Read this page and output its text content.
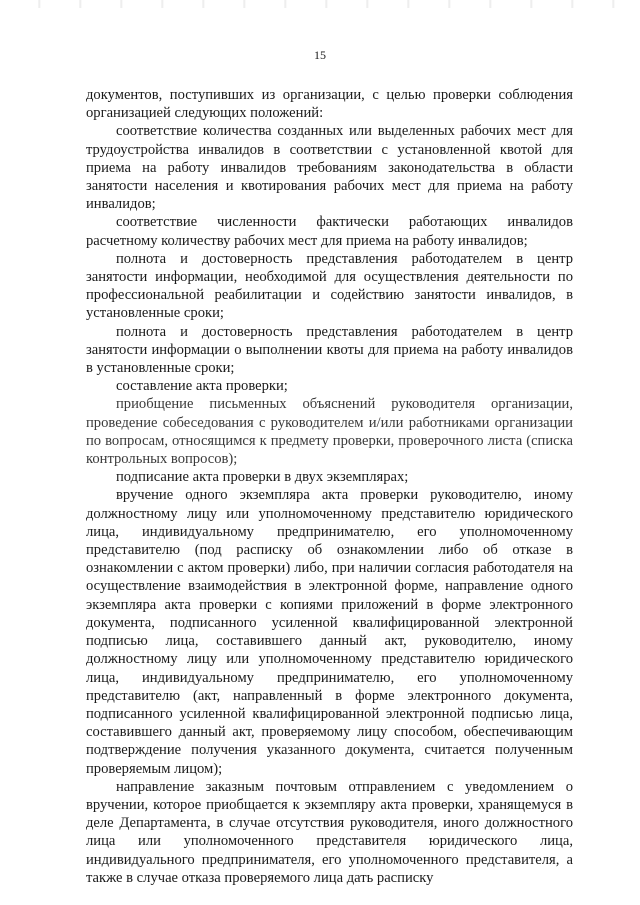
15

документов, поступивших из организации, с целью проверки соблюдения организацией следующих положений:

соответствие количества созданных или выделенных рабочих мест для трудоустройства инвалидов в соответствии с установленной квотой для приема на работу инвалидов требованиям законодательства в области занятости населения и квотирования рабочих мест для приема на работу инвалидов;

соответствие численности фактически работающих инвалидов расчетному количеству рабочих мест для приема на работу инвалидов;

полнота и достоверность представления работодателем в центр занятости информации, необходимой для осуществления деятельности по профессиональной реабилитации и содействию занятости инвалидов, в установленные сроки;

полнота и достоверность представления работодателем в центр занятости информации о выполнении квоты для приема на работу инвалидов в установленные сроки;

составление акта проверки;

приобщение письменных объяснений руководителя организации, проведение собеседования с руководителем и/или работниками организации по вопросам, относящимся к предмету проверки, проверочного листа (списка контрольных вопросов);

подписание акта проверки в двух экземплярах;

вручение одного экземпляра акта проверки руководителю, иному должностному лицу или уполномоченному представителю юридического лица, индивидуальному предпринимателю, его уполномоченному представителю (под расписку об ознакомлении либо об отказе в ознакомлении с актом проверки) либо, при наличии согласия работодателя на осуществление взаимодействия в электронной форме, направление одного экземпляра акта проверки с копиями приложений в форме электронного документа, подписанного усиленной квалифицированной электронной подписью лица, составившего данный акт, руководителю, иному должностному лицу или уполномоченному представителю юридического лица, индивидуальному предпринимателю, его уполномоченному представителю (акт, направленный в форме электронного документа, подписанного усиленной квалифицированной электронной подписью лица, составившего данный акт, проверяемому лицу способом, обеспечивающим подтверждение получения указанного документа, считается полученным проверяемым лицом);

направление заказным почтовым отправлением с уведомлением о вручении, которое приобщается к экземпляру акта проверки, хранящемуся в деле Департамента, в случае отсутствия руководителя, иного должностного лица или уполномоченного представителя юридического лица, индивидуального предпринимателя, его уполномоченного представителя, а также в случае отказа проверяемого лица дать расписку
